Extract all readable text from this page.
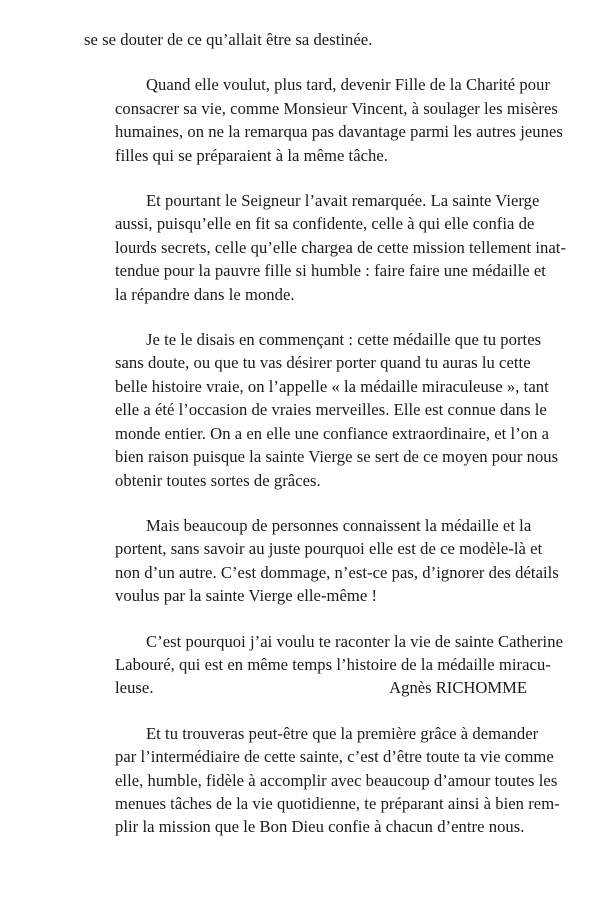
se se douter de ce qu’allait être sa destinée.

Quand elle voulut, plus tard, devenir Fille de la Charité pour
consacrer sa vie, comme Monsieur Vincent, à soulager les misères
humaines, on ne la remarqua pas davantage parmi les autres jeunes
filles qui se préparaient à la même tâche.

Et pourtant le Seigneur l’avait remarquée. La sainte Vierge
aussi, puisqu’elle en fit sa confidente, celle à qui elle confia de
lourds secrets, celle qu’elle chargea de cette mission tellement inat-
tendue pour la pauvre fille si humble : faire faire une médaille et
la répandre dans le monde.

Je te le disais en commençant : cette médaille que tu portes
sans doute, ou que tu vas désirer porter quand tu auras lu cette
belle histoire vraie, on l’appelle « la médaille miraculeuse », tant
elle a été l’occasion de vraies merveilles. Elle est connue dans le
monde entier. On a en elle une confiance extraordinaire, et l’on a
bien raison puisque la sainte Vierge se sert de ce moyen pour nous
obtenir toutes sortes de grâces.

Mais beaucoup de personnes connaissent la médaille et la
portent, sans savoir au juste pourquoi elle est de ce modèle-là et
non d’un autre. C’est dommage, n’est-ce pas, d’ignorer des détails
voulus par la sainte Vierge elle-même !

C’est pourquoi j’ai voulu te raconter la vie de sainte Catherine
Labouré, qui est en même temps l’histoire de la médaille miracu-
leuse.

Et tu trouveras peut-être que la première grâce à demander
par l’intermédiaire de cette sainte, c’est d’être toute ta vie comme
elle, humble, fidèle à accomplir avec beaucoup d’amour toutes les
menues tâches de la vie quotidienne, te préparant ainsi à bien rem-
plir la mission que le Bon Dieu confie à chacun d’entre nous.

Agnès RICHOMME
